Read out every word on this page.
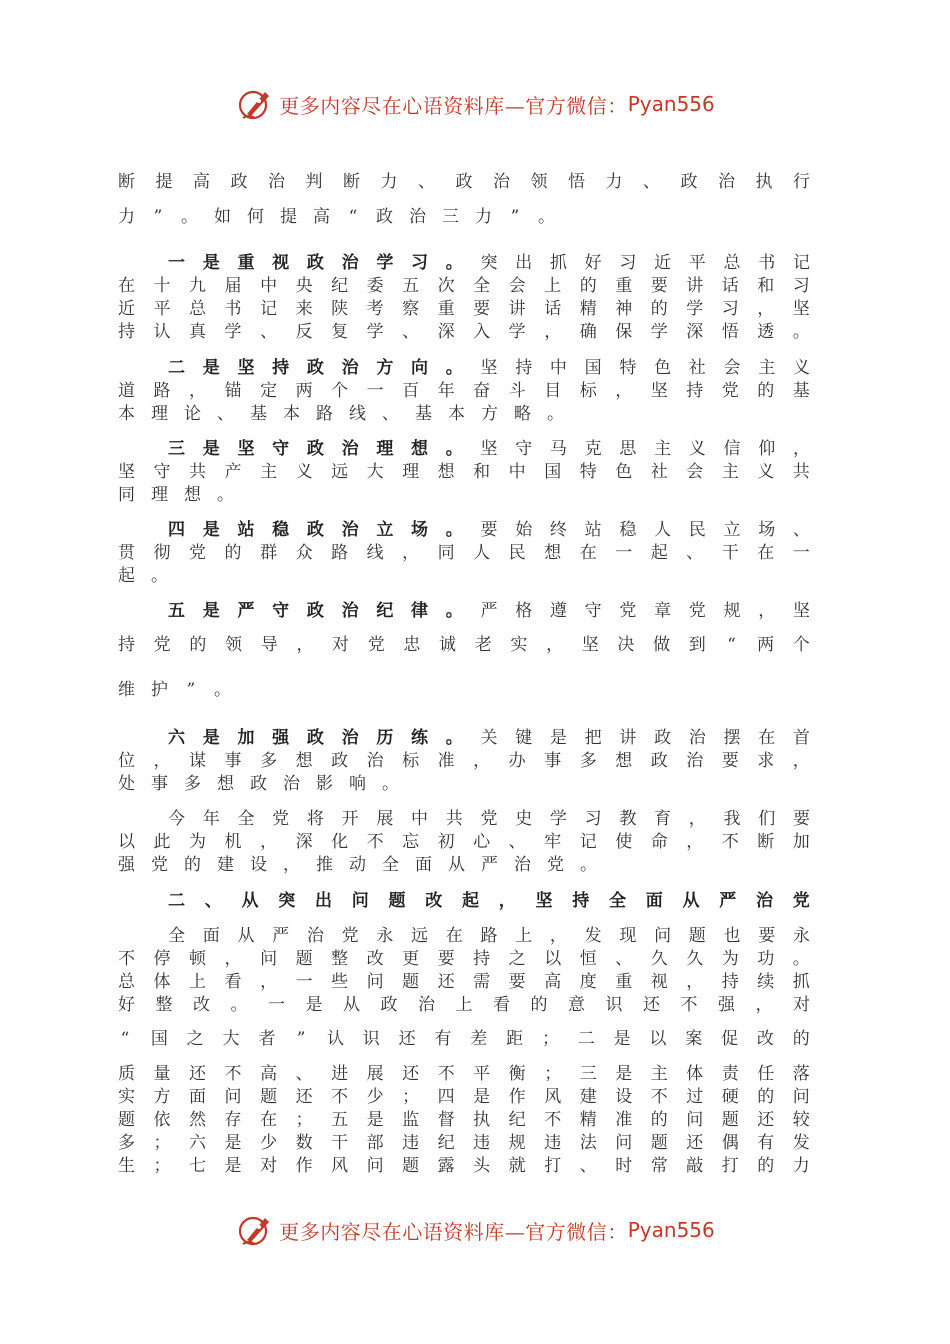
更多内容尽在心语资料库—官方微信： Pyan556
断 提 高 政 治 判 断 力 、 政 治 领 悟 力 、 政 治 执 行
力 ” 。 如 何 提 高 “ 政 治 三 力 ” 。
一 是 重 视 政 治 学 习 。 突 出 抓 好 习 近 平 总 书 记
在 十 九 届 中 央 纪 委 五 次 全 会 上 的 重 要 讲 话 和 习
近 平 总 书 记 来 陕 考 察 重 要 讲 话 精 神 的 学 习 ， 坚
持 认 真 学 、 反 复 学 、 深 入 学 ， 确 保 学 深 悟 透 。
二 是 坚 持 政 治 方 向 。 坚 持 中 国 特 色 社 会 主 义
道 路 ， 锚 定 两 个 一 百 年 奋 斗 目 标 ， 坚 持 党 的 基
本 理 论 、 基 本 路 线 、 基 本 方 略 。
三 是 坚 守 政 治 理 想 。 坚 守 马 克 思 主 义 信 仰 ，
坚 守 共 产 主 义 远 大 理 想 和 中 国 特 色 社 会 主 义 共
同 理 想 。
四 是 站 稳 政 治 立 场 。 要 始 终 站 稳 人 民 立 场 、
贯 彻 党 的 群 众 路 线 ， 同 人 民 想 在 一 起 、 干 在 一
起 。
五 是 严 守 政 治 纪 律 。 严 格 遵 守 党 章 党 规 ， 坚
持 党 的 领 导 ， 对 党 忠 诚 老 实 ， 坚 决 做 到 “ 两 个
维 护 ” 。
六 是 加 强 政 治 历 练 。 关 键 是 把 讲 政 治 摆 在 首
位 ， 谋 事 多 想 政 治 标 准 ， 办 事 多 想 政 治 要 求 ，
处 事 多 想 政 治 影 响 。
今 年 全 党 将 开 展 中 共 党 史 学 习 教 育 ， 我 们 要
以 此 为 机 ， 深 化 不 忘 初 心 、 牢 记 使 命 ， 不 断 加
强 党 的 建 设 ， 推 动 全 面 从 严 治 党 。
二 、 从 突 出 问 题 改 起 ， 坚 持 全 面 从 严 治 党
全 面 从 严 治 党 永 远 在 路 上 ， 发 现 问 题 也 要 永
不 停 顿 ， 问 题 整 改 更 要 持 之 以 恒 、 久 久 为 功 。
总 体 上 看 ， 一 些 问 题 还 需 要 高 度 重 视 ， 持 续 抓
好 整 改 。 一 是 从 政 治 上 看 的 意 识 还 不 强 ， 对
“ 国 之 大 者 ” 认 识 还 有 差 距 ； 二 是 以 案 促 改 的
质 量 还 不 高 、 进 展 还 不 平 衡 ； 三 是 主 体 责 任 落
实 方 面 问 题 还 不 少 ； 四 是 作 风 建 设 不 过 硬 的 问
题 依 然 存 在 ； 五 是 监 督 执 纪 不 精 准 的 问 题 还 较
多 ； 六 是 少 数 干 部 违 纪 违 规 违 法 问 题 还 偶 有 发
生 ； 七 是 对 作 风 问 题 露 头 就 打 、 时 常 敲 打 的 力
更多内容尽在心语资料库—官方微信： Pyan556
